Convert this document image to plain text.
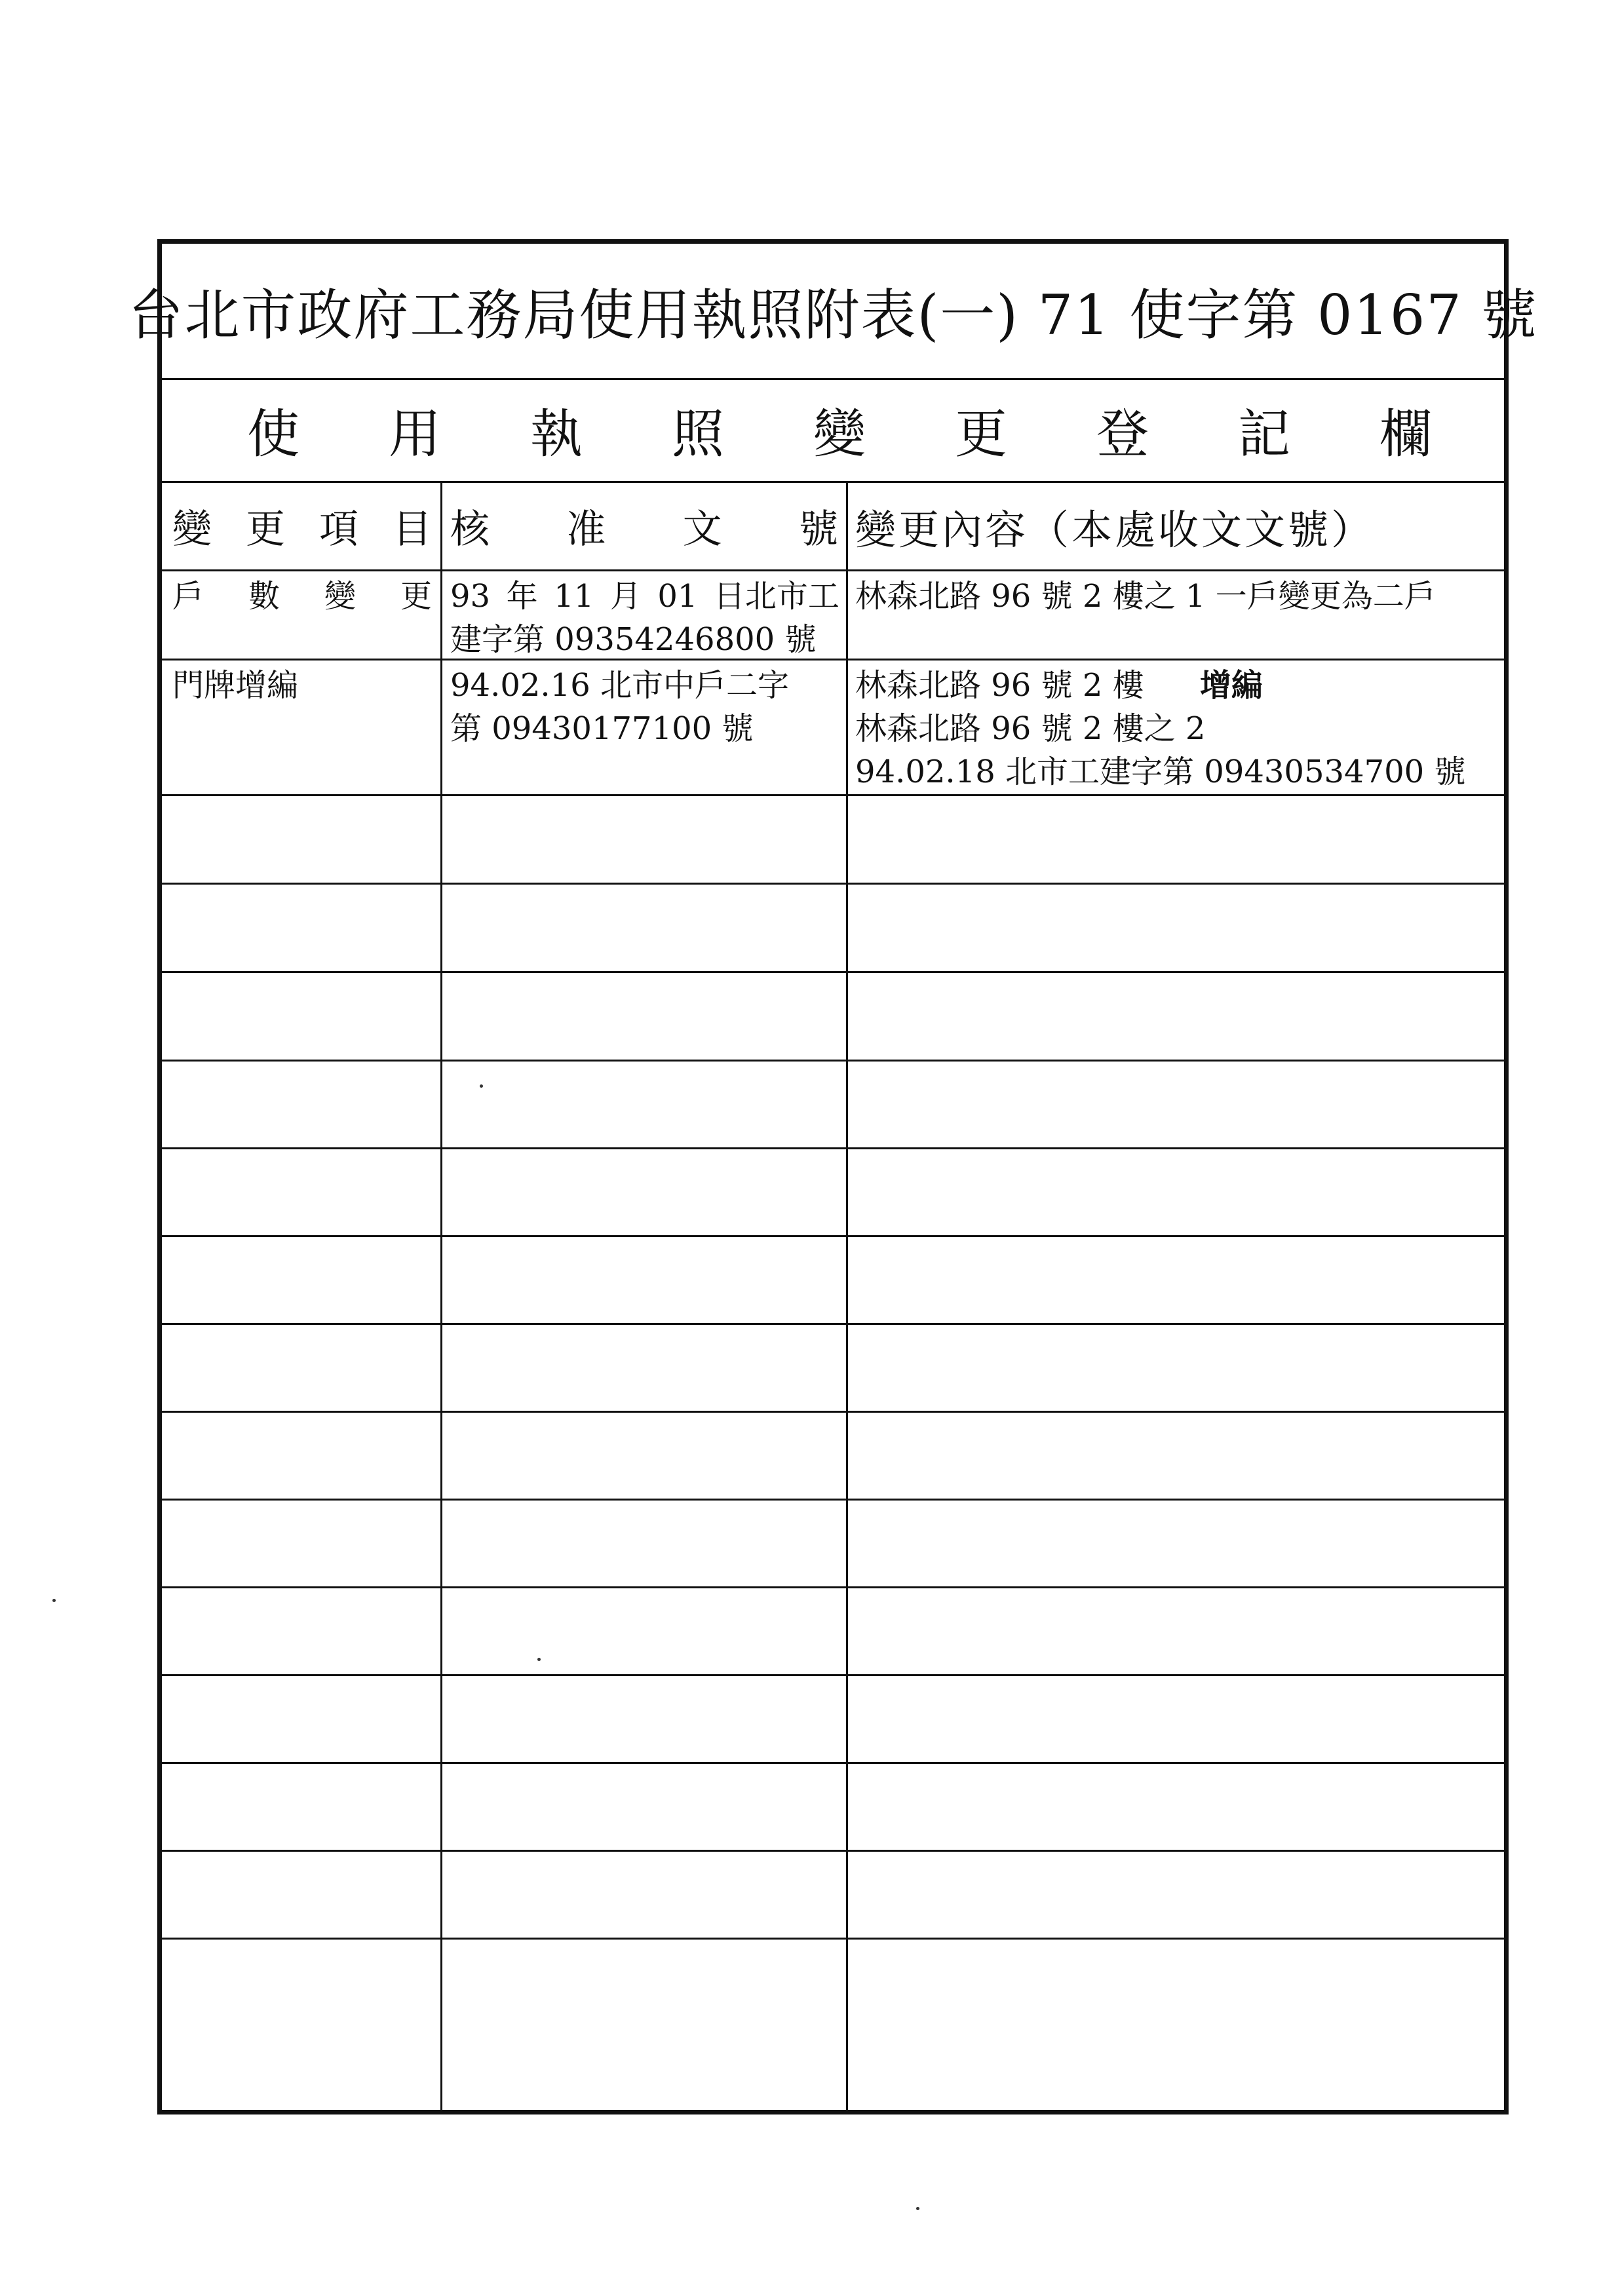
台北市政府工務局使用執照附表(一) 71 使字第 0167 號
使 用 執 照 變 更 登 記 欄
變 更 項 目 核 准 文 號 變更內容（本處收文文號）
戶 數 變 更 93 年 11 月 01 日北市工
建字第 09354246800 號
林森北路 96 號 2 樓之 1 一戶變更為二戶
門牌增編	94.02.16 北市中戶二字
第 09430177100 號
林森北路 96 號 2 樓 增編
林森北路 96 號 2 樓之 2
94.02.18 北市工建字第 09430534700 號
